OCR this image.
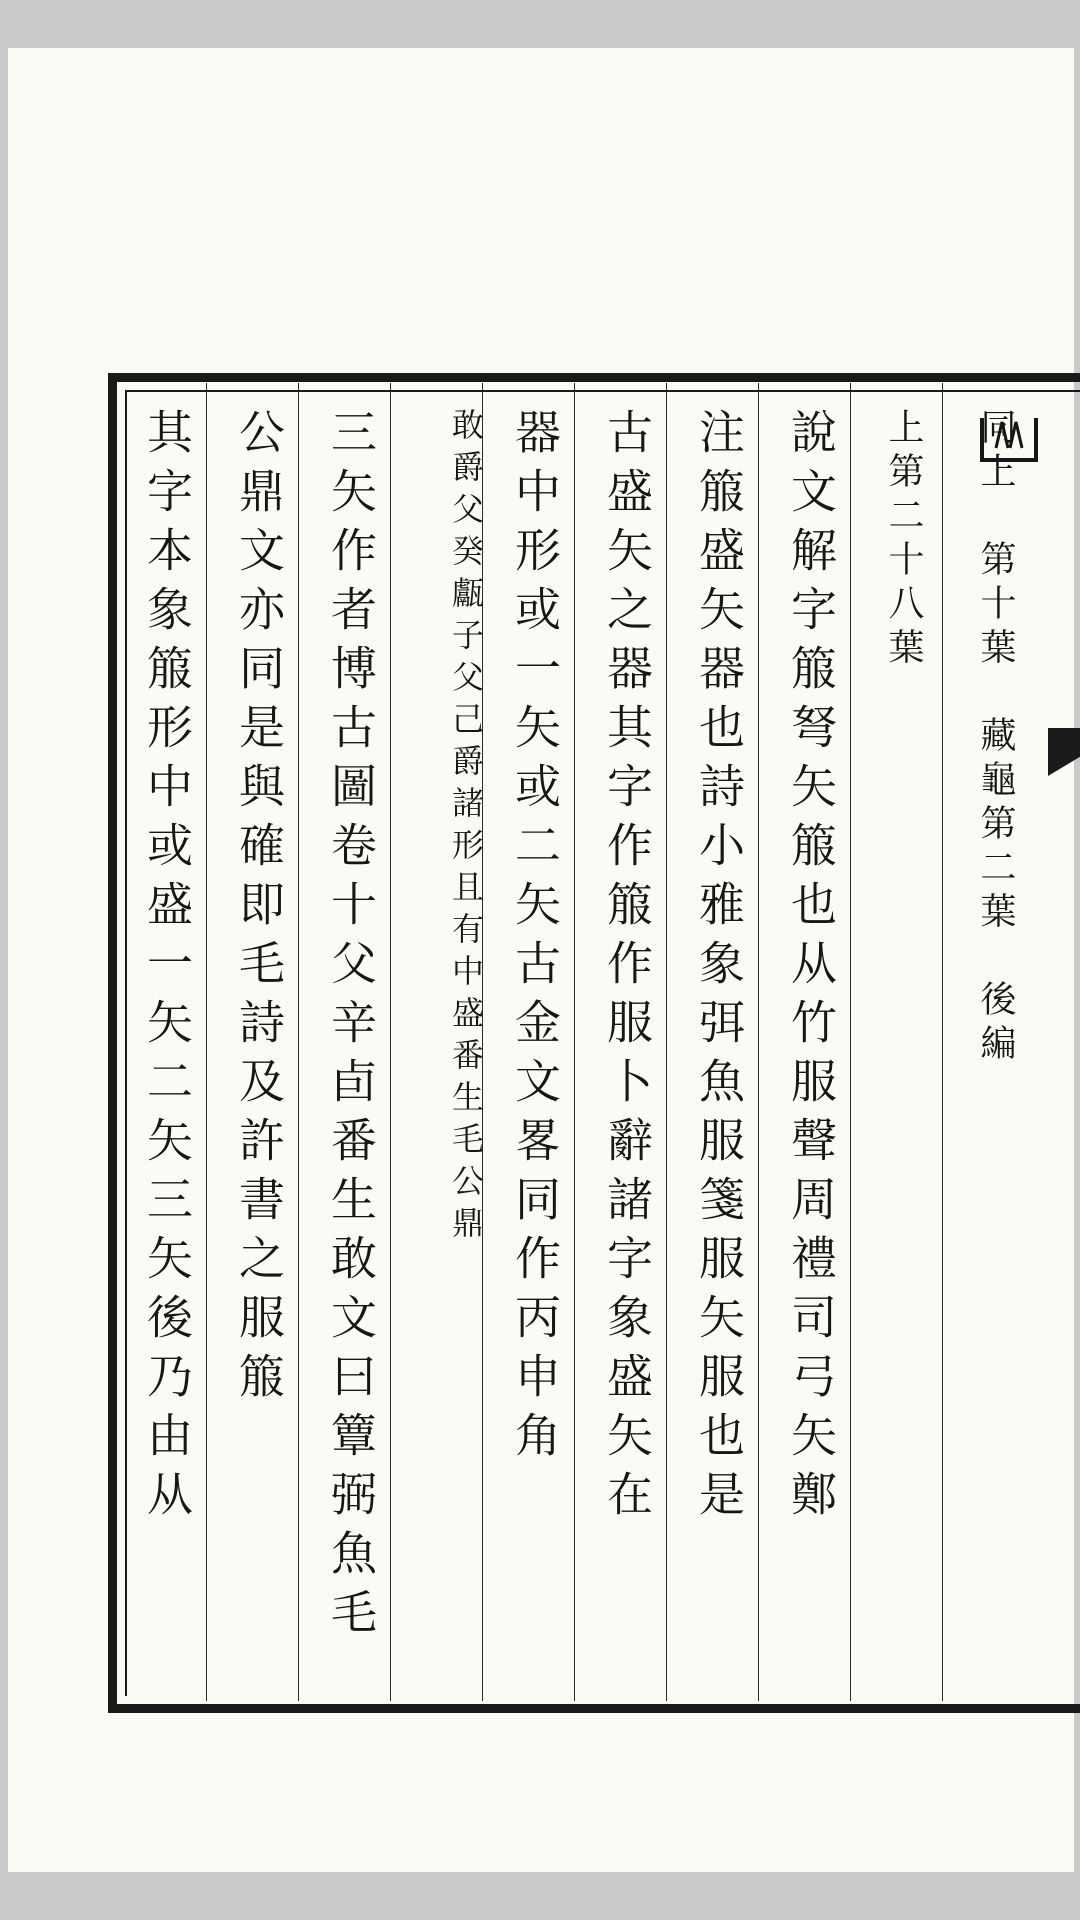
同上　第十葉　藏龜第二葉　後編
上第二十八葉
說文解字箙弩矢箙也从竹服聲周禮司弓矢鄭
注箙盛矢器也詩小雅象弭魚服箋服矢服也是
古盛矢之器其字作箙作服卜辭諸字象盛矢在
器中形或一矢或二矢古金文畧同作丙申角
番生毛公鼎
敢爵父癸甗子父己爵諸形且有中盛
三矢作者博古圖卷十父辛卣番生敢文曰簟弼魚毛
公鼎文亦同是與確即毛詩及許書之服箙
其字本象箙形中或盛一矢二矢三矢後乃由从
